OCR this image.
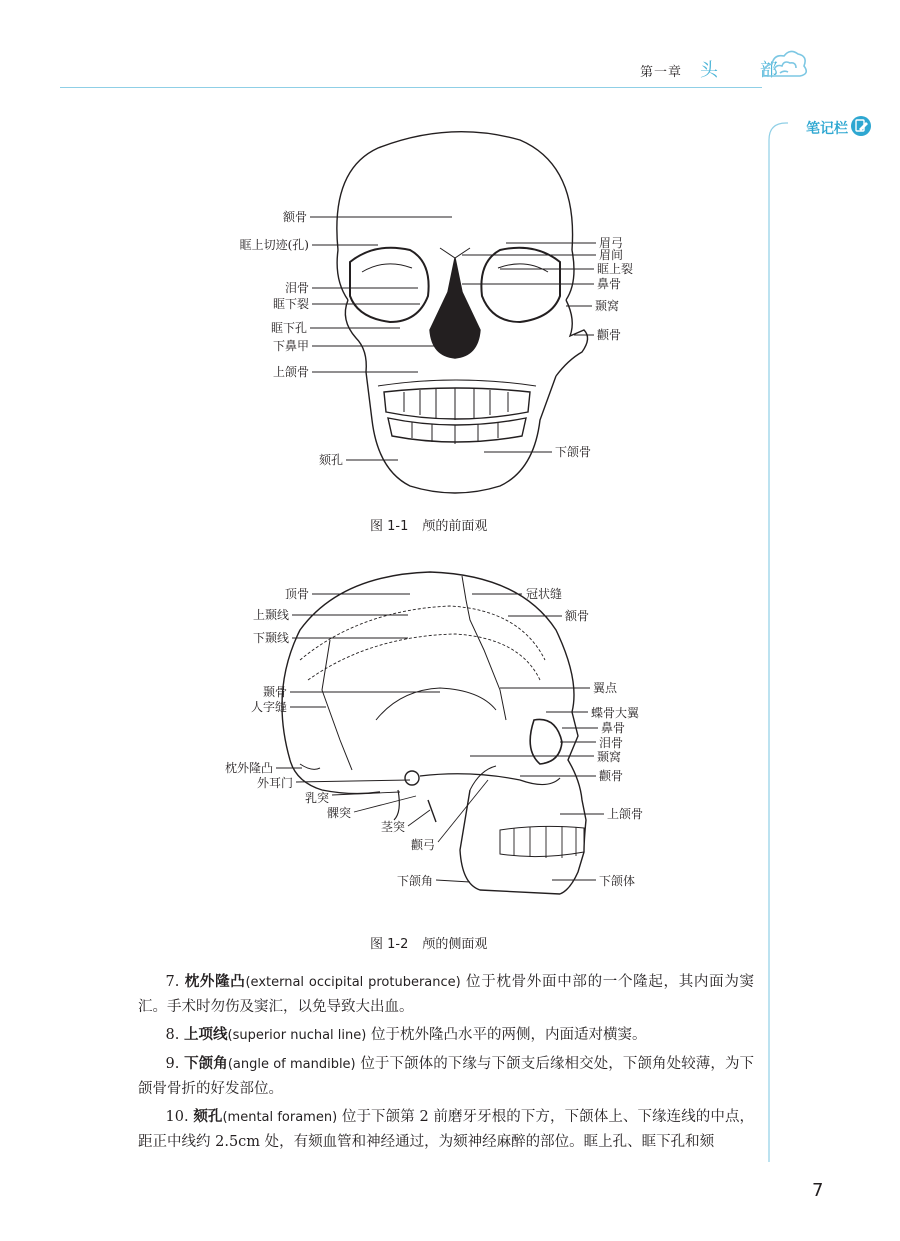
第一章 头 部
笔记栏
额骨
眶上切迹(孔)
泪骨
眶下裂
眶下孔
下鼻甲
上颌骨
颏孔
眉弓
眉间
眶上裂
鼻骨
颞窝
颧骨
下颌骨
图 1-1 颅的前面观
顶骨
上颞线
下颞线
颞骨
人字缝
枕外隆凸
外耳门
乳突
髁突
茎突
颧弓
下颌角
冠状缝
额骨
翼点
蝶骨大翼
鼻骨
泪骨
颞窝
颧骨
上颌骨
下颌体
图 1-2 颅的侧面观

7. 枕外隆凸(external occipital protuberance) 位于枕骨外面中部的一个隆起，其内面为窦汇。手术时勿伤及窦汇，以免导致大出血。

8. 上项线(superior nuchal line) 位于枕外隆凸水平的两侧，内面适对横窦。

9. 下颌角(angle of mandible) 位于下颌体的下缘与下颌支后缘相交处，下颌角处较薄，为下颌骨骨折的好发部位。

10. 颏孔(mental foramen) 位于下颌第 2 前磨牙牙根的下方，下颌体上、下缘连线的中点，距正中线约 2.5cm 处，有颏血管和神经通过，为颏神经麻醉的部位。眶上孔、眶下孔和颏

7
